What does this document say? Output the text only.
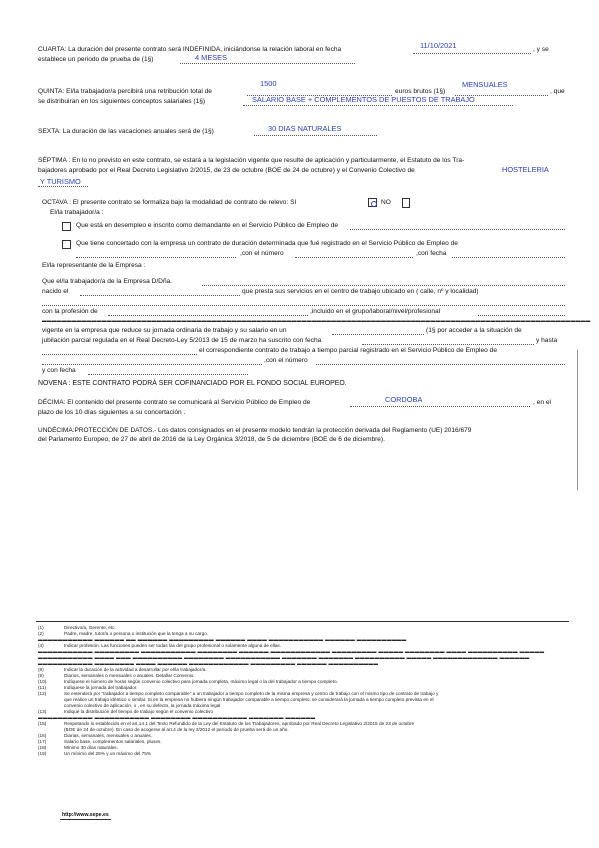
CUARTA: La duración del presente contrato será INDEFINIDA, iniciándonse la relación laboral en fecha	11/10/2021	, y se
establece un periodo de prueba de (1§)	4 MESES
1500	MENSUALES
QUINTA: El/la trabajador/a percibirá una retribución total de	euros brutos (1§)	, que
se distribuiran en los siguientes conceptos salariales (1§)	SALARIO BASE + COMPLEMENTOS DE PUESTOS DE TRABAJO
SEXTA: La duración de las vacaciones anuales será de (1§)	30 DIAS NATURALES
SÉPTIMA : En lo no previsto en este contrato, se estará a la legislación vigente que resulte de aplicación y particularmente, el Estatuto de los Tra-
bajadores aprobado por el Real Decreto Legislativo 2/2015, de 23 de octubre (BOE de 24 de octubre) y el Convenio Colectivo de	HOSTELERIA
Y TURISMO
OCTAVA : El presente contrato se formaliza bajo la modalidad de contrato de relevo: SI	NO
El/la trabajador/a :
Que está en desempleo e inscrito como demandante en el Servicio Público de Empleo de
Que tiene concertado con la empresa un contrato de duración determinada que fué registrado en el Servicio Público de Empleo de
,con el número	,con fecha
El/la representante de la Empresa :
Que el/la trabajador/a de la Empresa D/Dña.
nacido el	que presta sus servicios en el centro de trabajo ubicado en ( calle, nº y localidad)
con la profesión de	,incluido en el grupo/laboral/nivel/profesional
▬▬▬▬▬▬▬▬▬▬▬▬▬▬▬▬▬▬▬▬▬▬▬▬▬▬▬▬▬▬▬▬▬▬▬▬▬▬▬▬▬▬▬▬▬▬▬▬▬▬▬▬▬▬▬▬▬▬▬▬▬▬▬▬▬▬▬▬▬▬▬▬▬▬▬▬▬▬▬▬▬▬▬▬▬▬▬▬▬▬▬▬▬▬▬▬▬▬▬▬▬▬▬▬▬▬▬▬▬▬
vigente en la empresa que reduce su jornada ordinaria de trabajo y su salario en un	(1§ por acceder a la situación de
jubilación parcial regulada en el Real Decreto-Ley 5/2013 de 15 de marzo ha suscrito con fecha	y hasta
el correspondiente contrato de trabajo a tiempo parcial registrado en el Servicio Público de Empleo de
,con el número
y con fecha
NOVENA : ESTE CONTRATO PODRÁ SER COFINANCIADO POR EL FONDO SOCIAL EUROPEO.
DÉCIMA: El contenido del presente contrato se comunicará al Servicio Público de Empleo de	CORDOBA	, en el
plazo de los 10 días siguientes a su concertación .
UNDÉCIMA:PROTECCIÓN DE DATOS.- Los datos consignados en el presente modelo tendrán la protección derivada del Reglamento (UE) 2016/679
del Parlamento Europeo, de 27 de abril de 2016 de la Ley Orgánica 3/2018, de 5 de diciembre (BOE de 6 de diciembre).
(1)	Directivo/a, Gerente, etc.
(2)	Padre, madre, tutor/a o persona o institución que la tenga a su cargo.
▬▬▬▬▬▬▬▬▬▬▬ ▬▬▬▬▬▬ ▬▬ ▬▬▬▬▬▬ ▬▬▬▬▬▬▬▬▬ ▬▬▬▬▬▬ ▬▬▬▬ ▬▬▬▬▬▬▬▬▬▬▬ ▬▬▬▬▬▬ ▬▬▬▬▬▬▬▬▬▬
(4)	Indicar profesión. Las funciones pueden ser todas las del grupo profesional o solamente alguna de ellas.
▬▬▬▬▬▬▬▬▬▬▬ ▬▬▬▬▬▬▬▬▬ ▬▬▬▬▬▬▬▬▬▬▬ ▬▬▬▬▬▬▬▬ ▬▬▬▬▬▬ ▬▬▬▬▬▬▬▬▬▬▬▬ ▬▬▬▬▬▬▬▬▬ ▬▬▬▬▬ ▬▬▬▬▬▬▬▬ ▬▬▬▬ ▬▬▬▬▬▬▬▬▬▬ ▬▬▬▬▬
▬▬▬▬▬▬▬▬▬▬▬ ▬▬▬▬ ▬▬▬ ▬▬▬▬▬▬▬▬▬▬ ▬▬▬▬▬▬▬▬ ▬▬▬▬▬▬▬▬▬▬▬ ▬▬▬▬▬▬▬ ▬▬▬▬▬▬▬ ▬▬▬▬▬▬▬▬▬▬ ▬▬▬▬▬ ▬▬▬▬▬▬▬▬▬▬▬▬▬ ▬▬▬▬▬▬
▬▬▬▬▬▬▬▬▬▬▬ ▬▬▬▬▬▬▬▬ ▬▬▬▬ ▬▬▬▬▬▬ ▬▬▬▬▬▬▬▬▬▬▬▬ ▬▬▬▬▬▬▬▬▬ ▬▬▬▬▬▬ ▬▬▬▬▬▬▬▬▬▬
(8)	Indicar la duración de la actividad a desarrollar por el/la trabajador/a.
(9)	Diarios, semanales o mensuales o anuales. Detallar Convenio.
(10)	Indíquese el número de horas según convenio colectivo para jornada completa, máximo legal o la del trabajador a tiempo completo.
(11)	Indíquese la jornada del trabajador.
(12)	Se entenderá por "trabajador a tiempo completo comparable" a un trabajador a tiempo completo de la misma empresa y centro de trabajo con el mismo tipo de contrato de trabajo y
que realice un trabajo idéntico o similar. Si en la empresa no hubiera ningún trabajador comparable a tiempo completo, se considerará la jornada a tiempo completo prevista en el
convenio colectivo de aplicación, o , en su defecto, la jornada máxima legal
(13)	Indique la distribución del tiempo de trabajo según el convenio colectivo
▬▬▬▬▬▬▬▬▬▬▬ ▬▬▬▬▬▬▬▬▬▬▬ ▬▬▬▬▬▬▬▬ ▬▬▬▬▬▬▬▬▬▬▬ ▬▬▬▬▬▬▬ ▬▬▬▬▬▬
(15)	Respetando lo establecido en el art.14.1 del Texto Refundido de la Ley del Estatuto de los Trabajadores, aprobado por Real Decreto Legislativo 2/2015 de 23 de octubre
(BOE de 24 de octubre). En caso de acogerse al art.4 de la ley 3/2012 el período de prueba será de un año.
(16)	Diarias, semanales, mensuales o anuales.
(17)	Salario base, complementos salariales, pluses.
(18)	Mínimo 30 días naturales.
(19)	Un mínimo del 25% y un máximo del 75%
http://www.sepe.es
